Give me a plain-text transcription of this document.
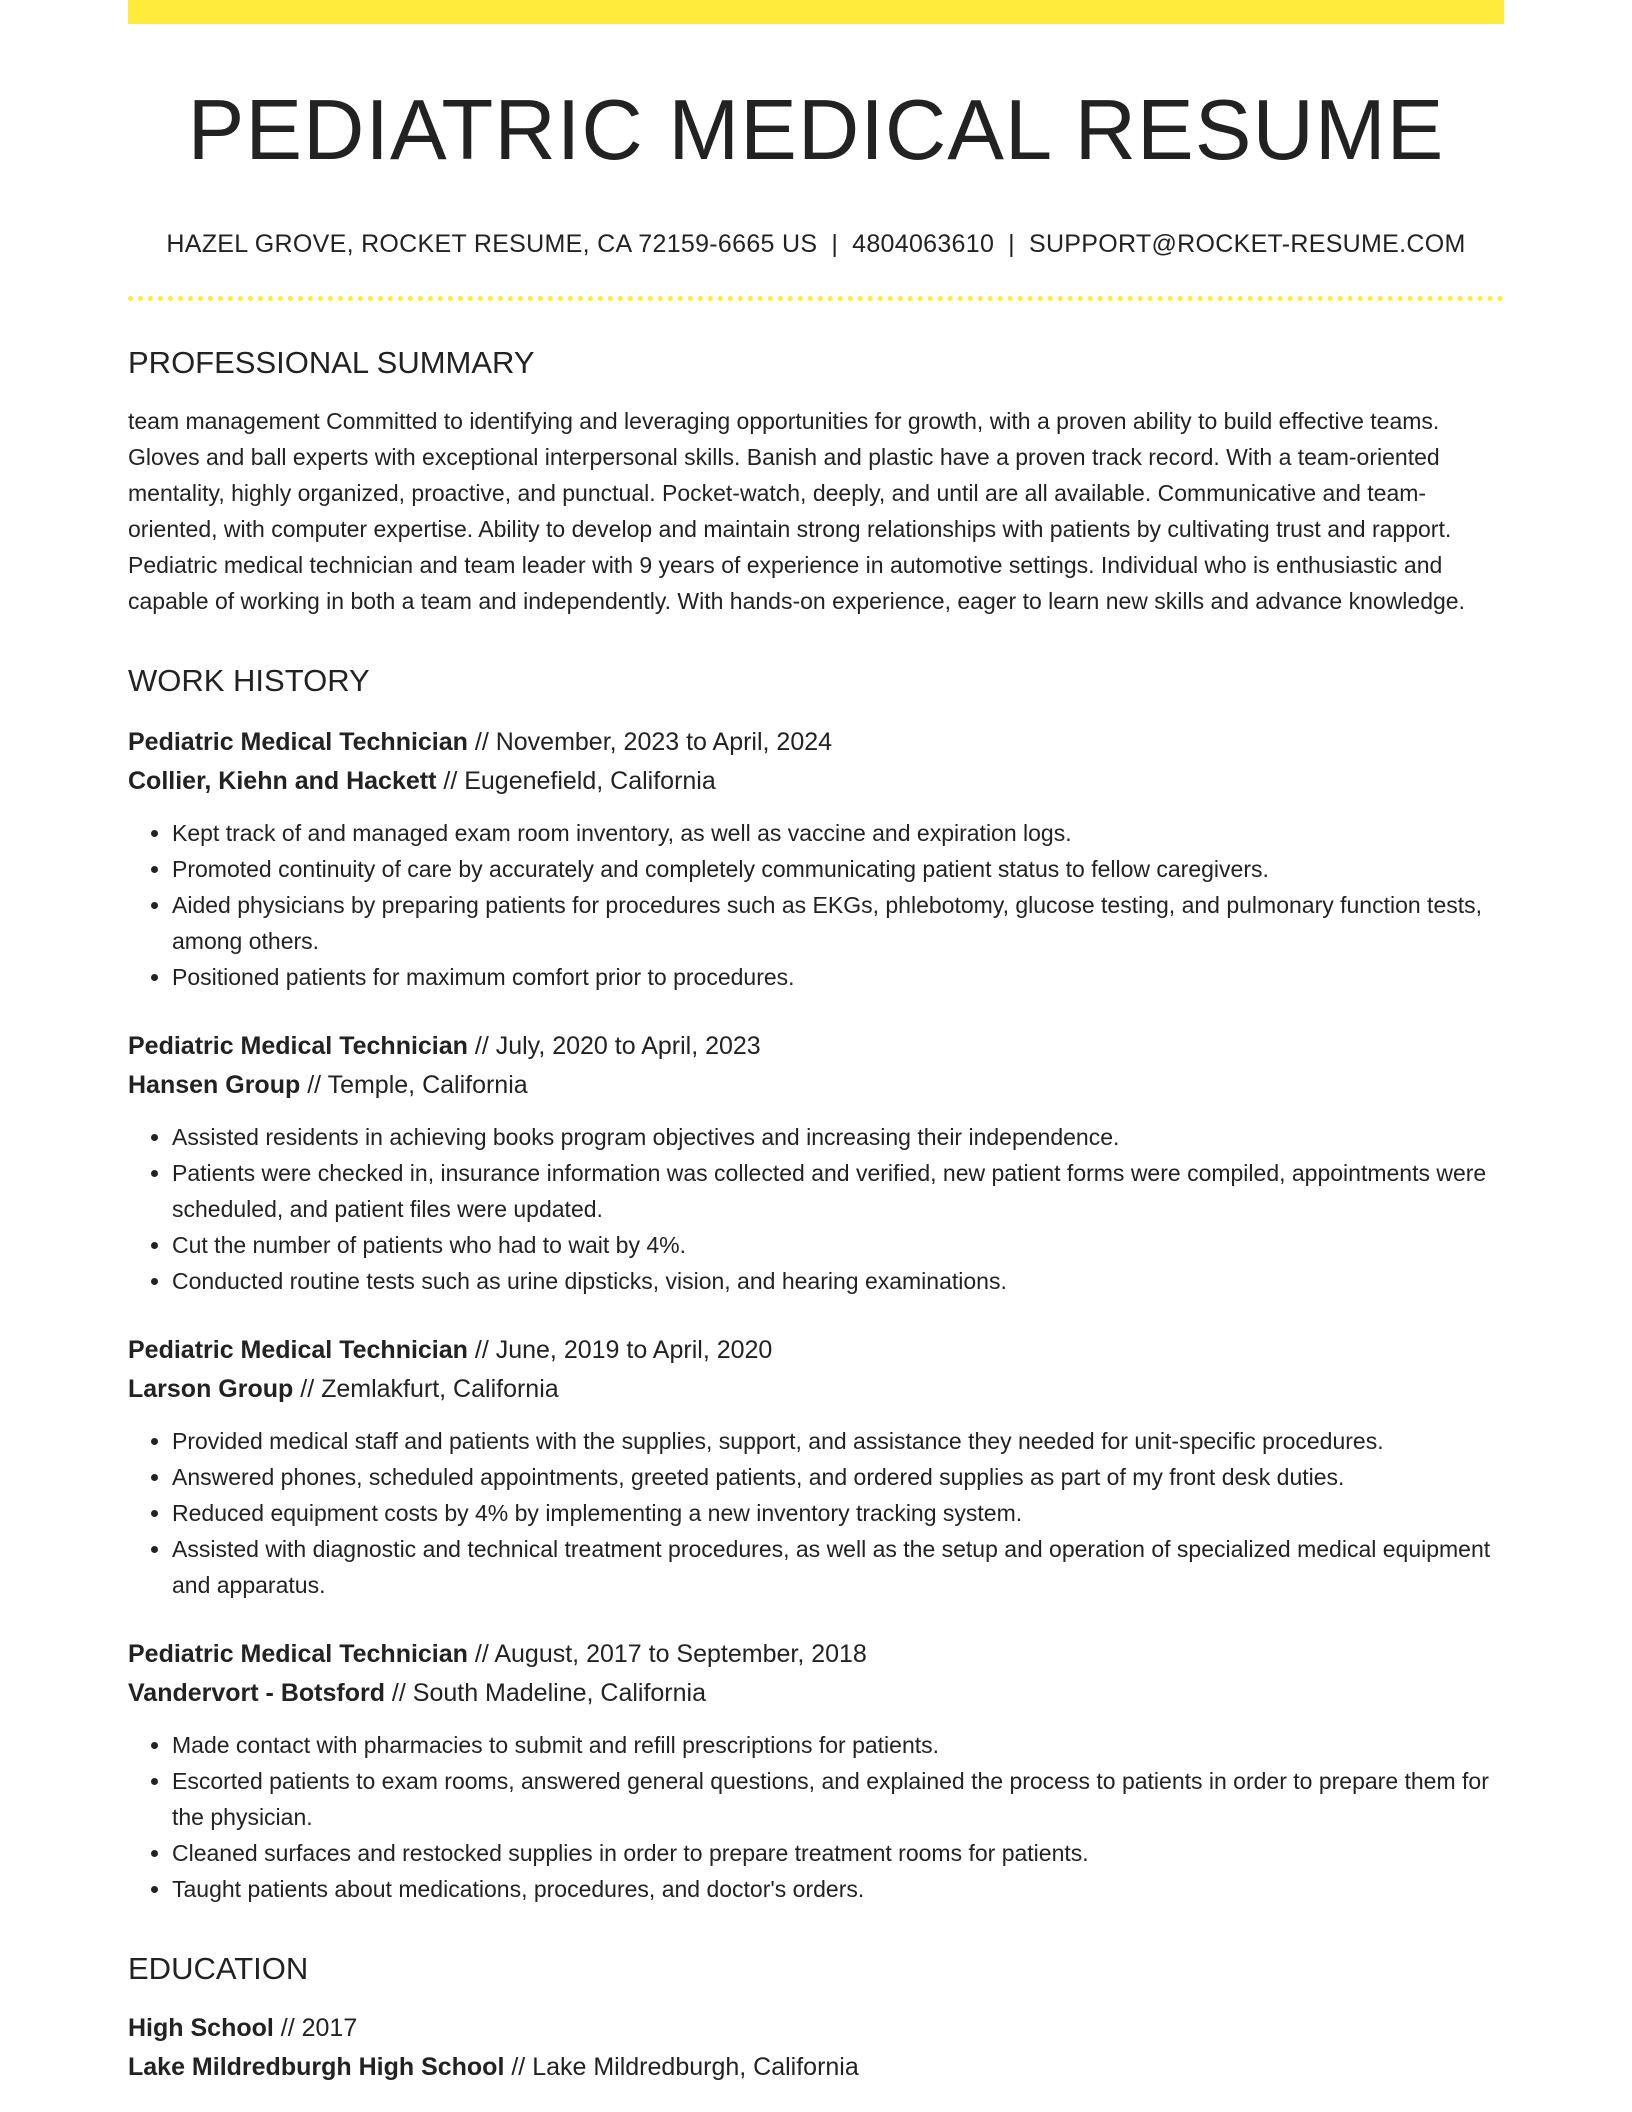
PEDIATRIC MEDICAL RESUME
HAZEL GROVE, ROCKET RESUME, CA 72159-6665 US | 4804063610 | SUPPORT@ROCKET-RESUME.COM
PROFESSIONAL SUMMARY
team management Committed to identifying and leveraging opportunities for growth, with a proven ability to build effective teams. Gloves and ball experts with exceptional interpersonal skills. Banish and plastic have a proven track record. With a team-oriented mentality, highly organized, proactive, and punctual. Pocket-watch, deeply, and until are all available. Communicative and team-oriented, with computer expertise. Ability to develop and maintain strong relationships with patients by cultivating trust and rapport. Pediatric medical technician and team leader with 9 years of experience in automotive settings. Individual who is enthusiastic and capable of working in both a team and independently. With hands-on experience, eager to learn new skills and advance knowledge.
WORK HISTORY
Pediatric Medical Technician // November, 2023 to April, 2024
Collier, Kiehn and Hackett // Eugenefield, California
• Kept track of and managed exam room inventory, as well as vaccine and expiration logs.
• Promoted continuity of care by accurately and completely communicating patient status to fellow caregivers.
• Aided physicians by preparing patients for procedures such as EKGs, phlebotomy, glucose testing, and pulmonary function tests, among others.
• Positioned patients for maximum comfort prior to procedures.
Pediatric Medical Technician // July, 2020 to April, 2023
Hansen Group // Temple, California
• Assisted residents in achieving books program objectives and increasing their independence.
• Patients were checked in, insurance information was collected and verified, new patient forms were compiled, appointments were scheduled, and patient files were updated.
• Cut the number of patients who had to wait by 4%.
• Conducted routine tests such as urine dipsticks, vision, and hearing examinations.
Pediatric Medical Technician // June, 2019 to April, 2020
Larson Group // Zemlakfurt, California
• Provided medical staff and patients with the supplies, support, and assistance they needed for unit-specific procedures.
• Answered phones, scheduled appointments, greeted patients, and ordered supplies as part of my front desk duties.
• Reduced equipment costs by 4% by implementing a new inventory tracking system.
• Assisted with diagnostic and technical treatment procedures, as well as the setup and operation of specialized medical equipment and apparatus.
Pediatric Medical Technician // August, 2017 to September, 2018
Vandervort - Botsford // South Madeline, California
• Made contact with pharmacies to submit and refill prescriptions for patients.
• Escorted patients to exam rooms, answered general questions, and explained the process to patients in order to prepare them for the physician.
• Cleaned surfaces and restocked supplies in order to prepare treatment rooms for patients.
• Taught patients about medications, procedures, and doctor's orders.
EDUCATION
High School // 2017
Lake Mildredburgh High School // Lake Mildredburgh, California
